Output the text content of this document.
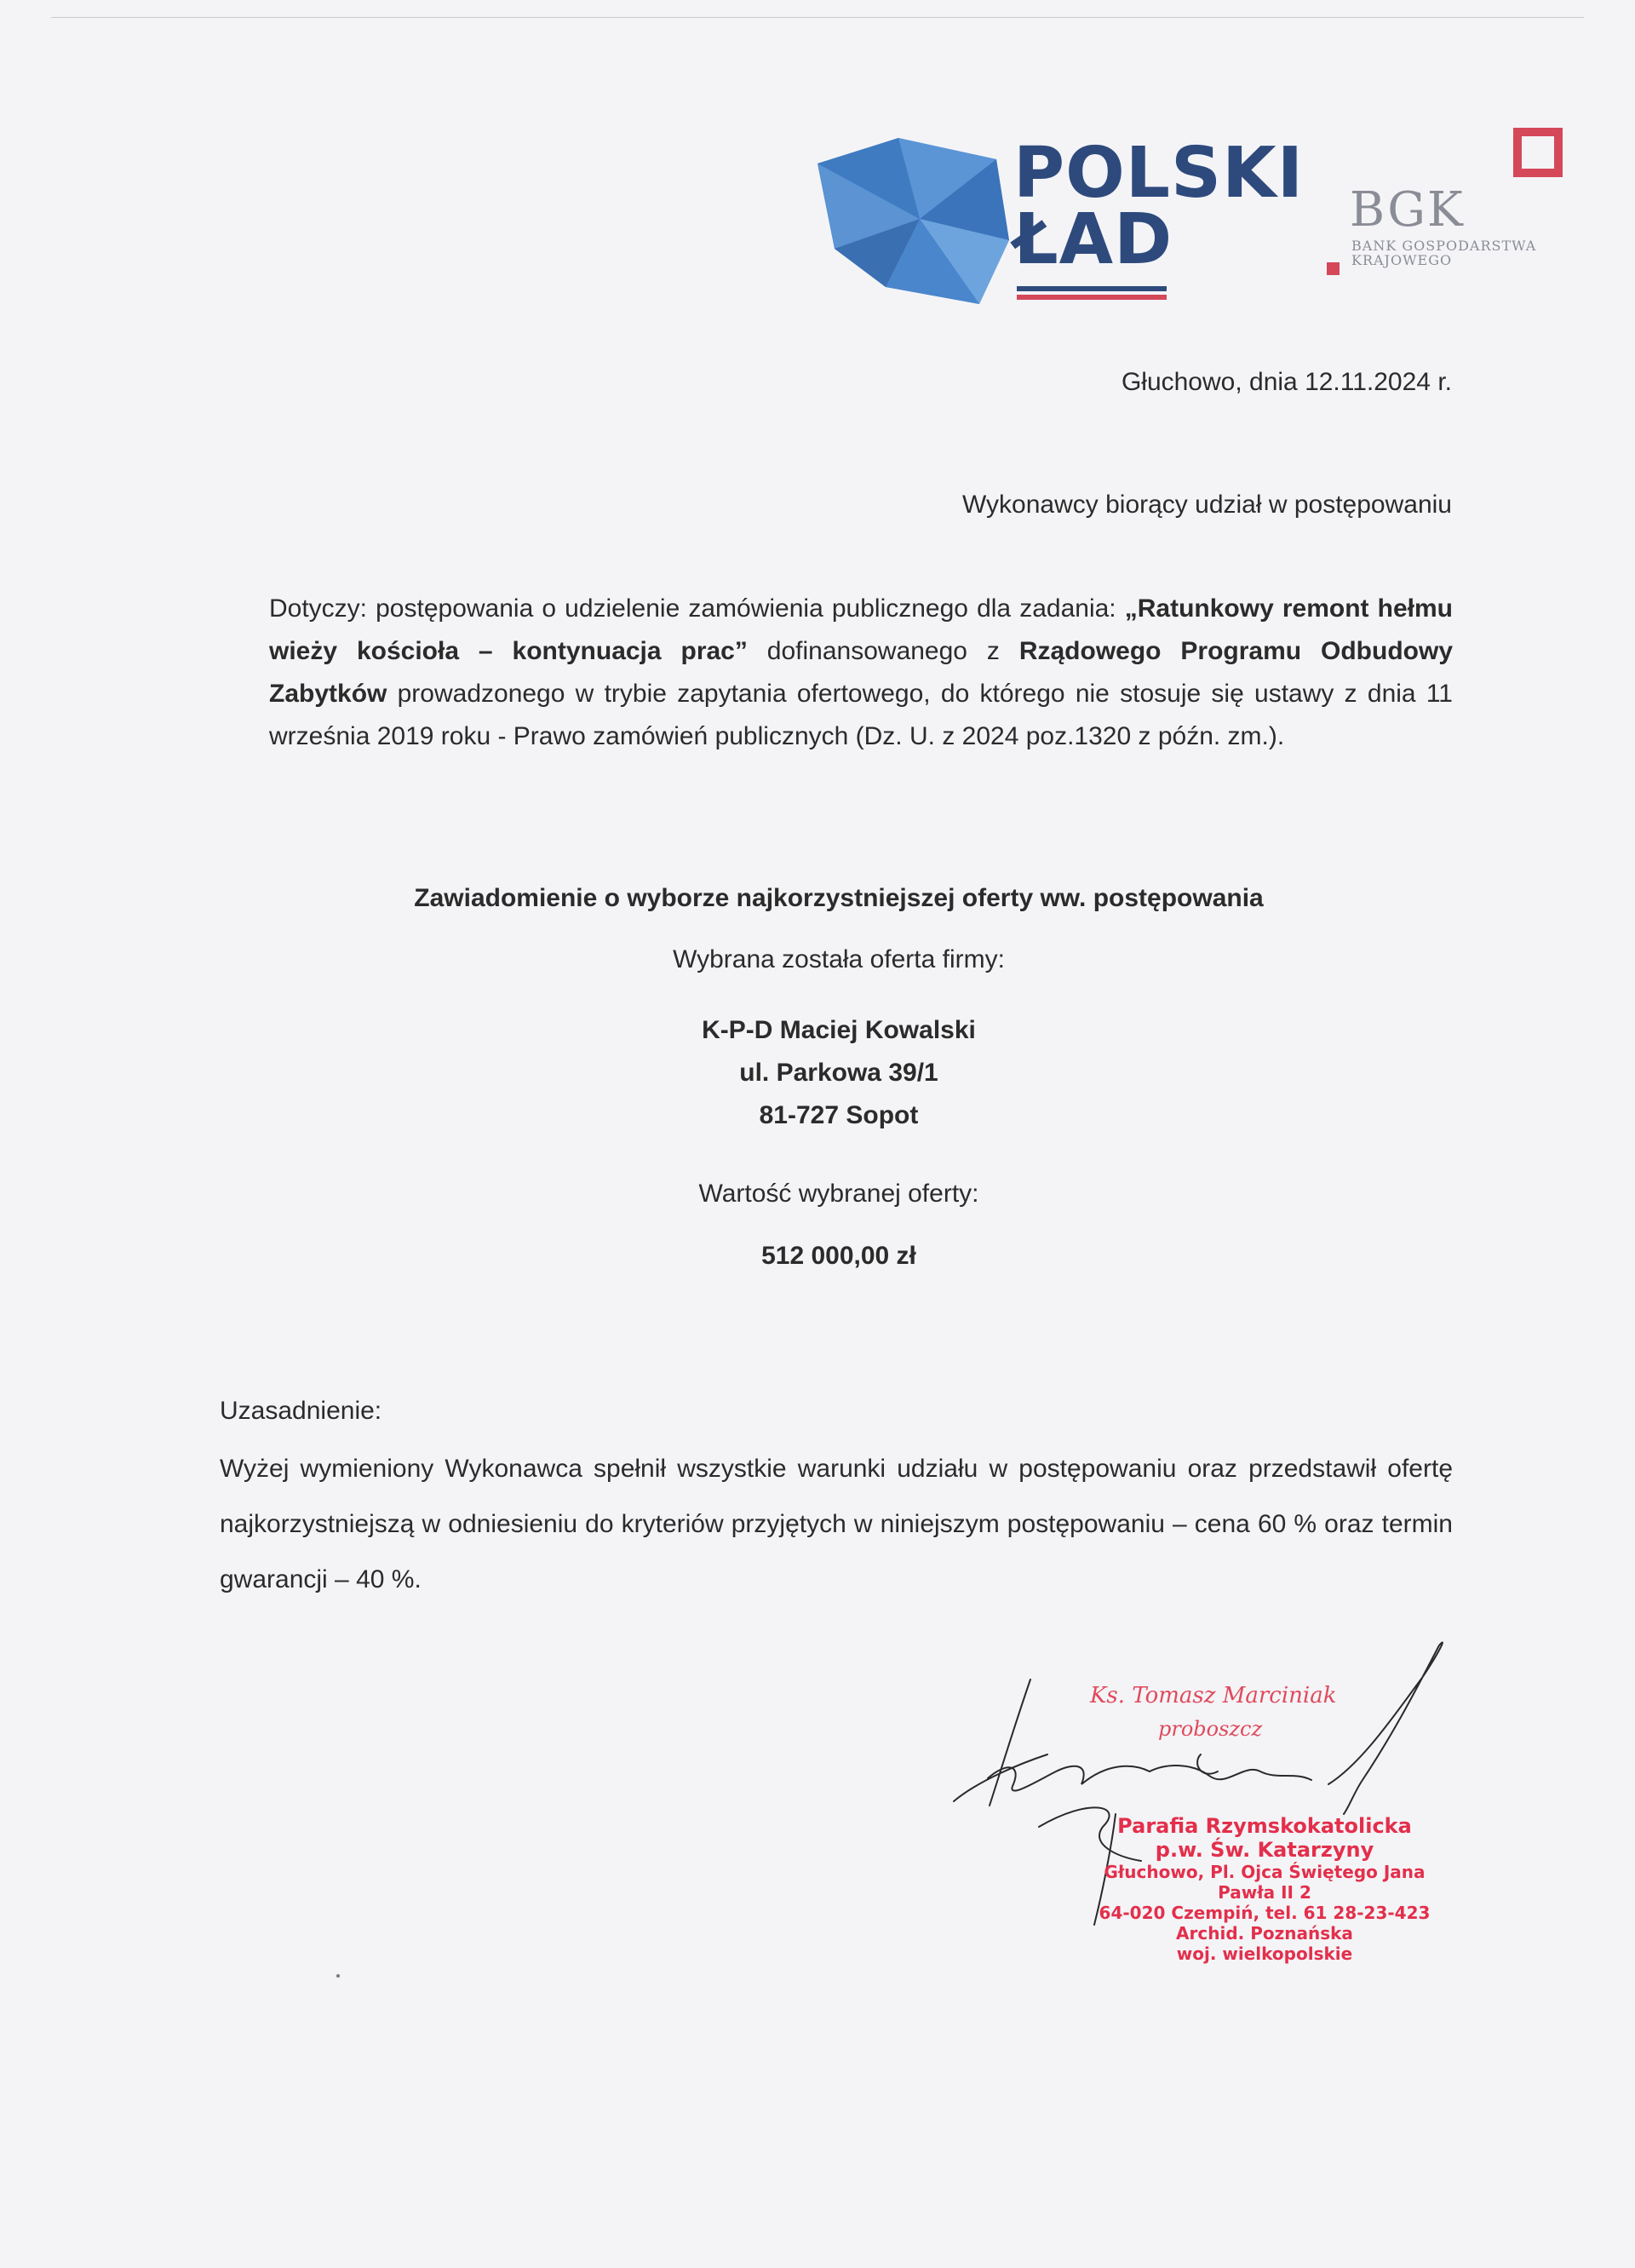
POLSKI
ŁAD	BGK
BANK GOSPODARSTWA
KRAJOWEGO
Głuchowo, dnia 12.11.2024 r.
Wykonawcy biorący udział w postępowaniu
Dotyczy: postępowania o udzielenie zamówienia publicznego dla zadania: „Ratunkowy remont hełmu wieży kościoła – kontynuacja prac” dofinansowanego z Rządowego Programu Odbudowy Zabytków prowadzonego w trybie zapytania ofertowego, do którego nie stosuje się ustawy z dnia 11 września 2019 roku - Prawo zamówień publicznych (Dz. U. z 2024 poz.1320 z późn. zm.).
Zawiadomienie o wyborze najkorzystniejszej oferty ww. postępowania
Wybrana została oferta firmy:
K-P-D Maciej Kowalski
ul. Parkowa 39/1
81-727 Sopot
Wartość wybranej oferty:
512 000,00 zł
Uzasadnienie:
Wyżej wymieniony Wykonawca spełnił wszystkie warunki udziału w postępowaniu oraz przedstawił ofertę najkorzystniejszą w odniesieniu do kryteriów przyjętych w niniejszym postępowaniu – cena 60 % oraz termin gwarancji – 40 %.
Ks. Tomasz Marciniak
proboszcz
Parafia Rzymskokatolicka
p.w. Św. Katarzyny
Głuchowo, Pl. Ojca Świętego Jana Pawła II 2
64-020 Czempiń, tel. 61 28-23-423
Archid. Poznańska
woj. wielkopolskie
